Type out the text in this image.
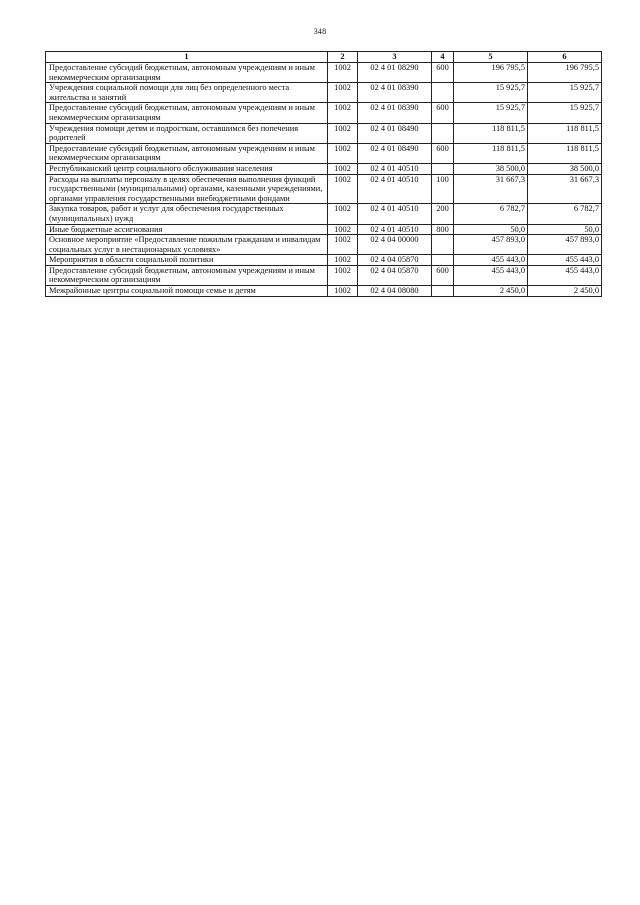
348
1	2	3	4	5	6
Предоставление субсидий бюджетным, автономным учреждениям и иным некоммерческим организациям	1002	02 4 01 08290	600	196 795,5	196 795,5
Учреждения социальной помощи для лиц без определенного места жительства и занятий	1002	02 4 01 08390		15 925,7	15 925,7
Предоставление субсидий бюджетным, автономным учреждениям и иным некоммерческим организациям	1002	02 4 01 08390	600	15 925,7	15 925,7
Учреждения помощи детям и подросткам, оставшимся без попечения родителей	1002	02 4 01 08490		118 811,5	118 811,5
Предоставление субсидий бюджетным, автономным учреждениям и иным некоммерческим организациям	1002	02 4 01 08490	600	118 811,5	118 811,5
Республиканский центр социального обслуживания населения	1002	02 4 01 40510		38 500,0	38 500,0
Расходы на выплаты персоналу в целях обеспечения выполнения функций государственными (муниципальными) органами, казенными учреждениями, органами управления государственными внебюджетными фондами	1002	02 4 01 40510	100	31 667,3	31 667,3
Закупка товаров, работ и услуг для обеспечения государственных (муниципальных) нужд	1002	02 4 01 40510	200	6 782,7	6 782,7
Иные бюджетные ассигнования	1002	02 4 01 40510	800	50,0	50,0
Основное мероприятие «Предоставление пожилым гражданам и инвалидам социальных услуг в нестационарных условиях»	1002	02 4 04 00000		457 893,0	457 893,0
Мероприятия в области социальной политики	1002	02 4 04 05870		455 443,0	455 443,0
Предоставление субсидий бюджетным, автономным учреждениям и иным некоммерческим организациям	1002	02 4 04 05870	600	455 443,0	455 443,0
Межрайонные центры социальной помощи семье и детям	1002	02 4 04 08080		2 450,0	2 450,0
